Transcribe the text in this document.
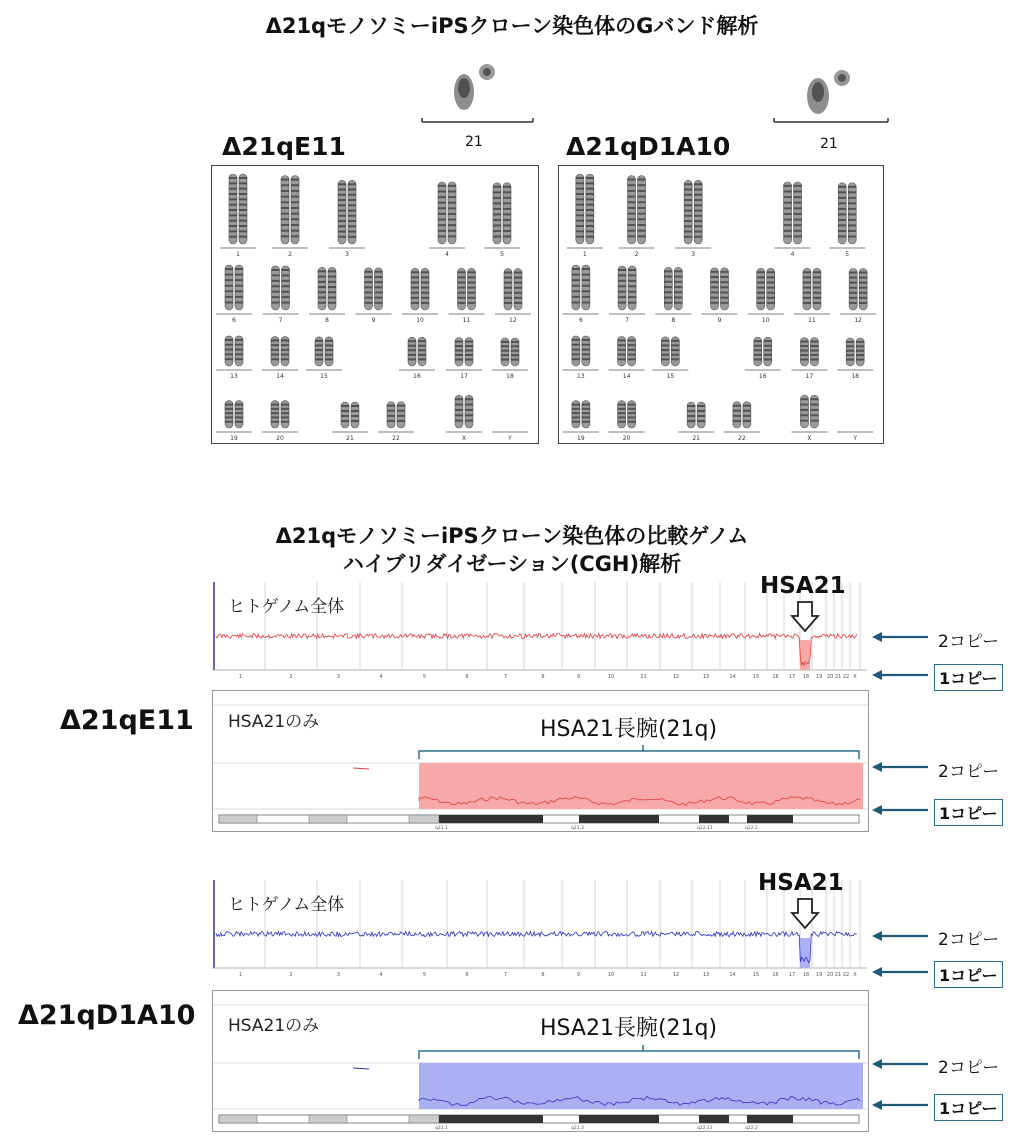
Δ21qモノソミーiPSクローン染色体のGバンド解析
21	21
Δ21qE11	Δ21qD1A10
1	2	3	4	5
6	7	8	9	10	11	12
13	14	15	16	17	18
19	20	21	22	X	Y
1	2	3	4	5
6	7	8	9	10	11	12
13	14	15	16	17	18
19	20	21	22	X	Y
Δ21qモノソミーiPSクローン染色体の比較ゲノム
ハイブリダイゼーション(CGH)解析
Δ21qE11
1	2	3	4	5	6	7	8	9	10	11	12	13	14	15	16 17 18 19 20 21 22 X
ヒトゲノム全体
HSA21
q21.1	q21.3	q22.11	q22.2
HSA21のみ	HSA21長腕(21q)
Δ21qD1A10
1	2	3	4	5	6	7	8	9	10	11	12	13	14	15	16 17 18 19 20 21 22 X
ヒトゲノム全体
HSA21
q21.1	q21.3	q22.11	q22.2
HSA21のみ	HSA21長腕(21q)
2コピー
1コピー
2コピー
1コピー
2コピー
1コピー
2コピー
1コピー
